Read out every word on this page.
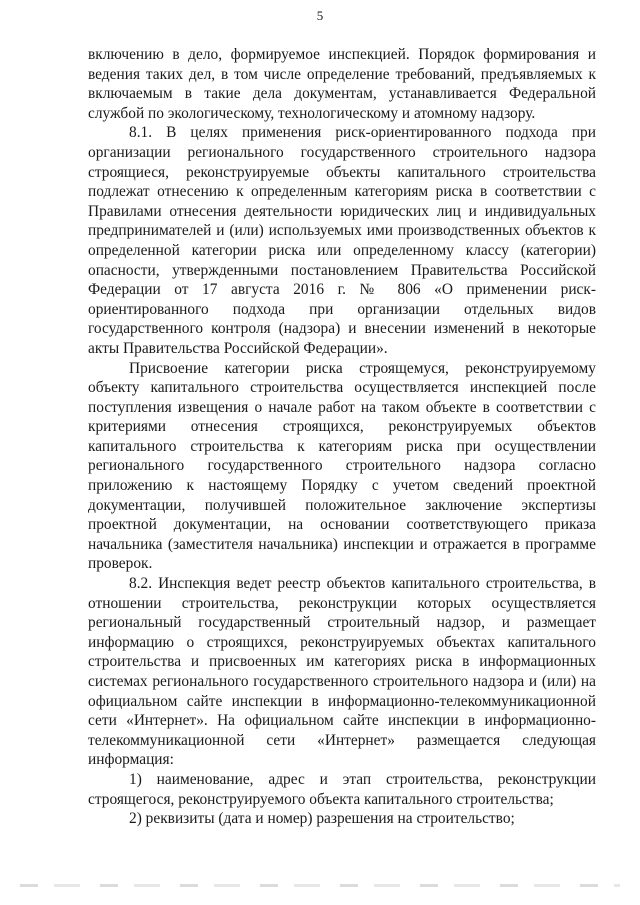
5

включению в дело, формируемое инспекцией. Порядок формирования и ведения таких дел, в том числе определение требований, предъявляемых к включаемым в такие дела документам, устанавливается Федеральной службой по экологическому, технологическому и атомному надзору.

8.1. В целях применения риск-ориентированного подхода при организации регионального государственного строительного надзора строящиеся, реконструируемые объекты капитального строительства подлежат отнесению к определенным категориям риска в соответствии с Правилами отнесения деятельности юридических лиц и индивидуальных предпринимателей и (или) используемых ими производственных объектов к определенной категории риска или определенному классу (категории) опасности, утвержденными постановлением Правительства Российской Федерации от 17 августа 2016 г. № 806 «О применении риск-ориентированного подхода при организации отдельных видов государственного контроля (надзора) и внесении изменений в некоторые акты Правительства Российской Федерации».

Присвоение категории риска строящемуся, реконструируемому объекту капитального строительства осуществляется инспекцией после поступления извещения о начале работ на таком объекте в соответствии с критериями отнесения строящихся, реконструируемых объектов капитального строительства к категориям риска при осуществлении регионального государственного строительного надзора согласно приложению к настоящему Порядку с учетом сведений проектной документации, получившей положительное заключение экспертизы проектной документации, на основании соответствующего приказа начальника (заместителя начальника) инспекции и отражается в программе проверок.

8.2. Инспекция ведет реестр объектов капитального строительства, в отношении строительства, реконструкции которых осуществляется региональный государственный строительный надзор, и размещает информацию о строящихся, реконструируемых объектах капитального строительства и присвоенных им категориях риска в информационных системах регионального государственного строительного надзора и (или) на официальном сайте инспекции в информационно-телекоммуникационной сети «Интернет». На официальном сайте инспекции в информационно-телекоммуникационной сети «Интернет» размещается следующая информация:

1) наименование, адрес и этап строительства, реконструкции строящегося, реконструируемого объекта капитального строительства;

2) реквизиты (дата и номер) разрешения на строительство;
